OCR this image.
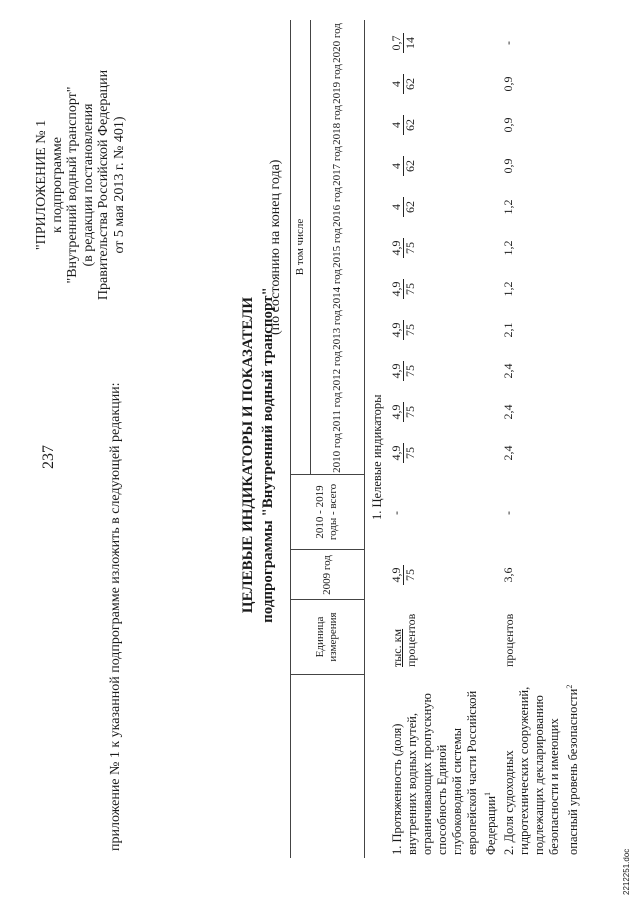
237	приложение № 1 к указанной подпрограмме изложить в следующей редакции:
"ПРИЛОЖЕНИЕ № 1 к подпрограмме "Внутренний водный транспорт" (в редакции постановления Правительства Российской Федерации от 5 мая 2013 г. № 401)
ЦЕЛЕВЫЕ ИНДИКАТОРЫ И ПОКАЗАТЕЛИ подпрограммы "Внутренний водный транспорт"
(по состоянию на конец года)
Единица измерения
2009 год
2010 - 2019 годы - всего
В том числе
2010 год
2011 год
2012 год
2013 год
2014 год
2015 год
2016 год
2017 год
2018 год
2019 год
2020 год
1. Целевые индикаторы
1. Протяженность (доля) внутренних водных путей, ограничивающих пропускную способность Единой глубоководной системы европейской части Российской Федерации$^1$
тыс. км процентов
4,9 75
-
4,9 75
4,9 75
4,9 75
4,9 75
4,9 75
4,9 75
4 62
4 62
4 62
4 62
0,7 14
2. Доля судоходных гидротехнических сооружений, подлежащих декларированию безопасности и имеющих опасный уровень безопасности$^2$
процентов
3,6
-
2,4
2,4
2,4
2,1
1,2
1,2
1,2
0,9
0,9
0,9
-
2212251.doc
